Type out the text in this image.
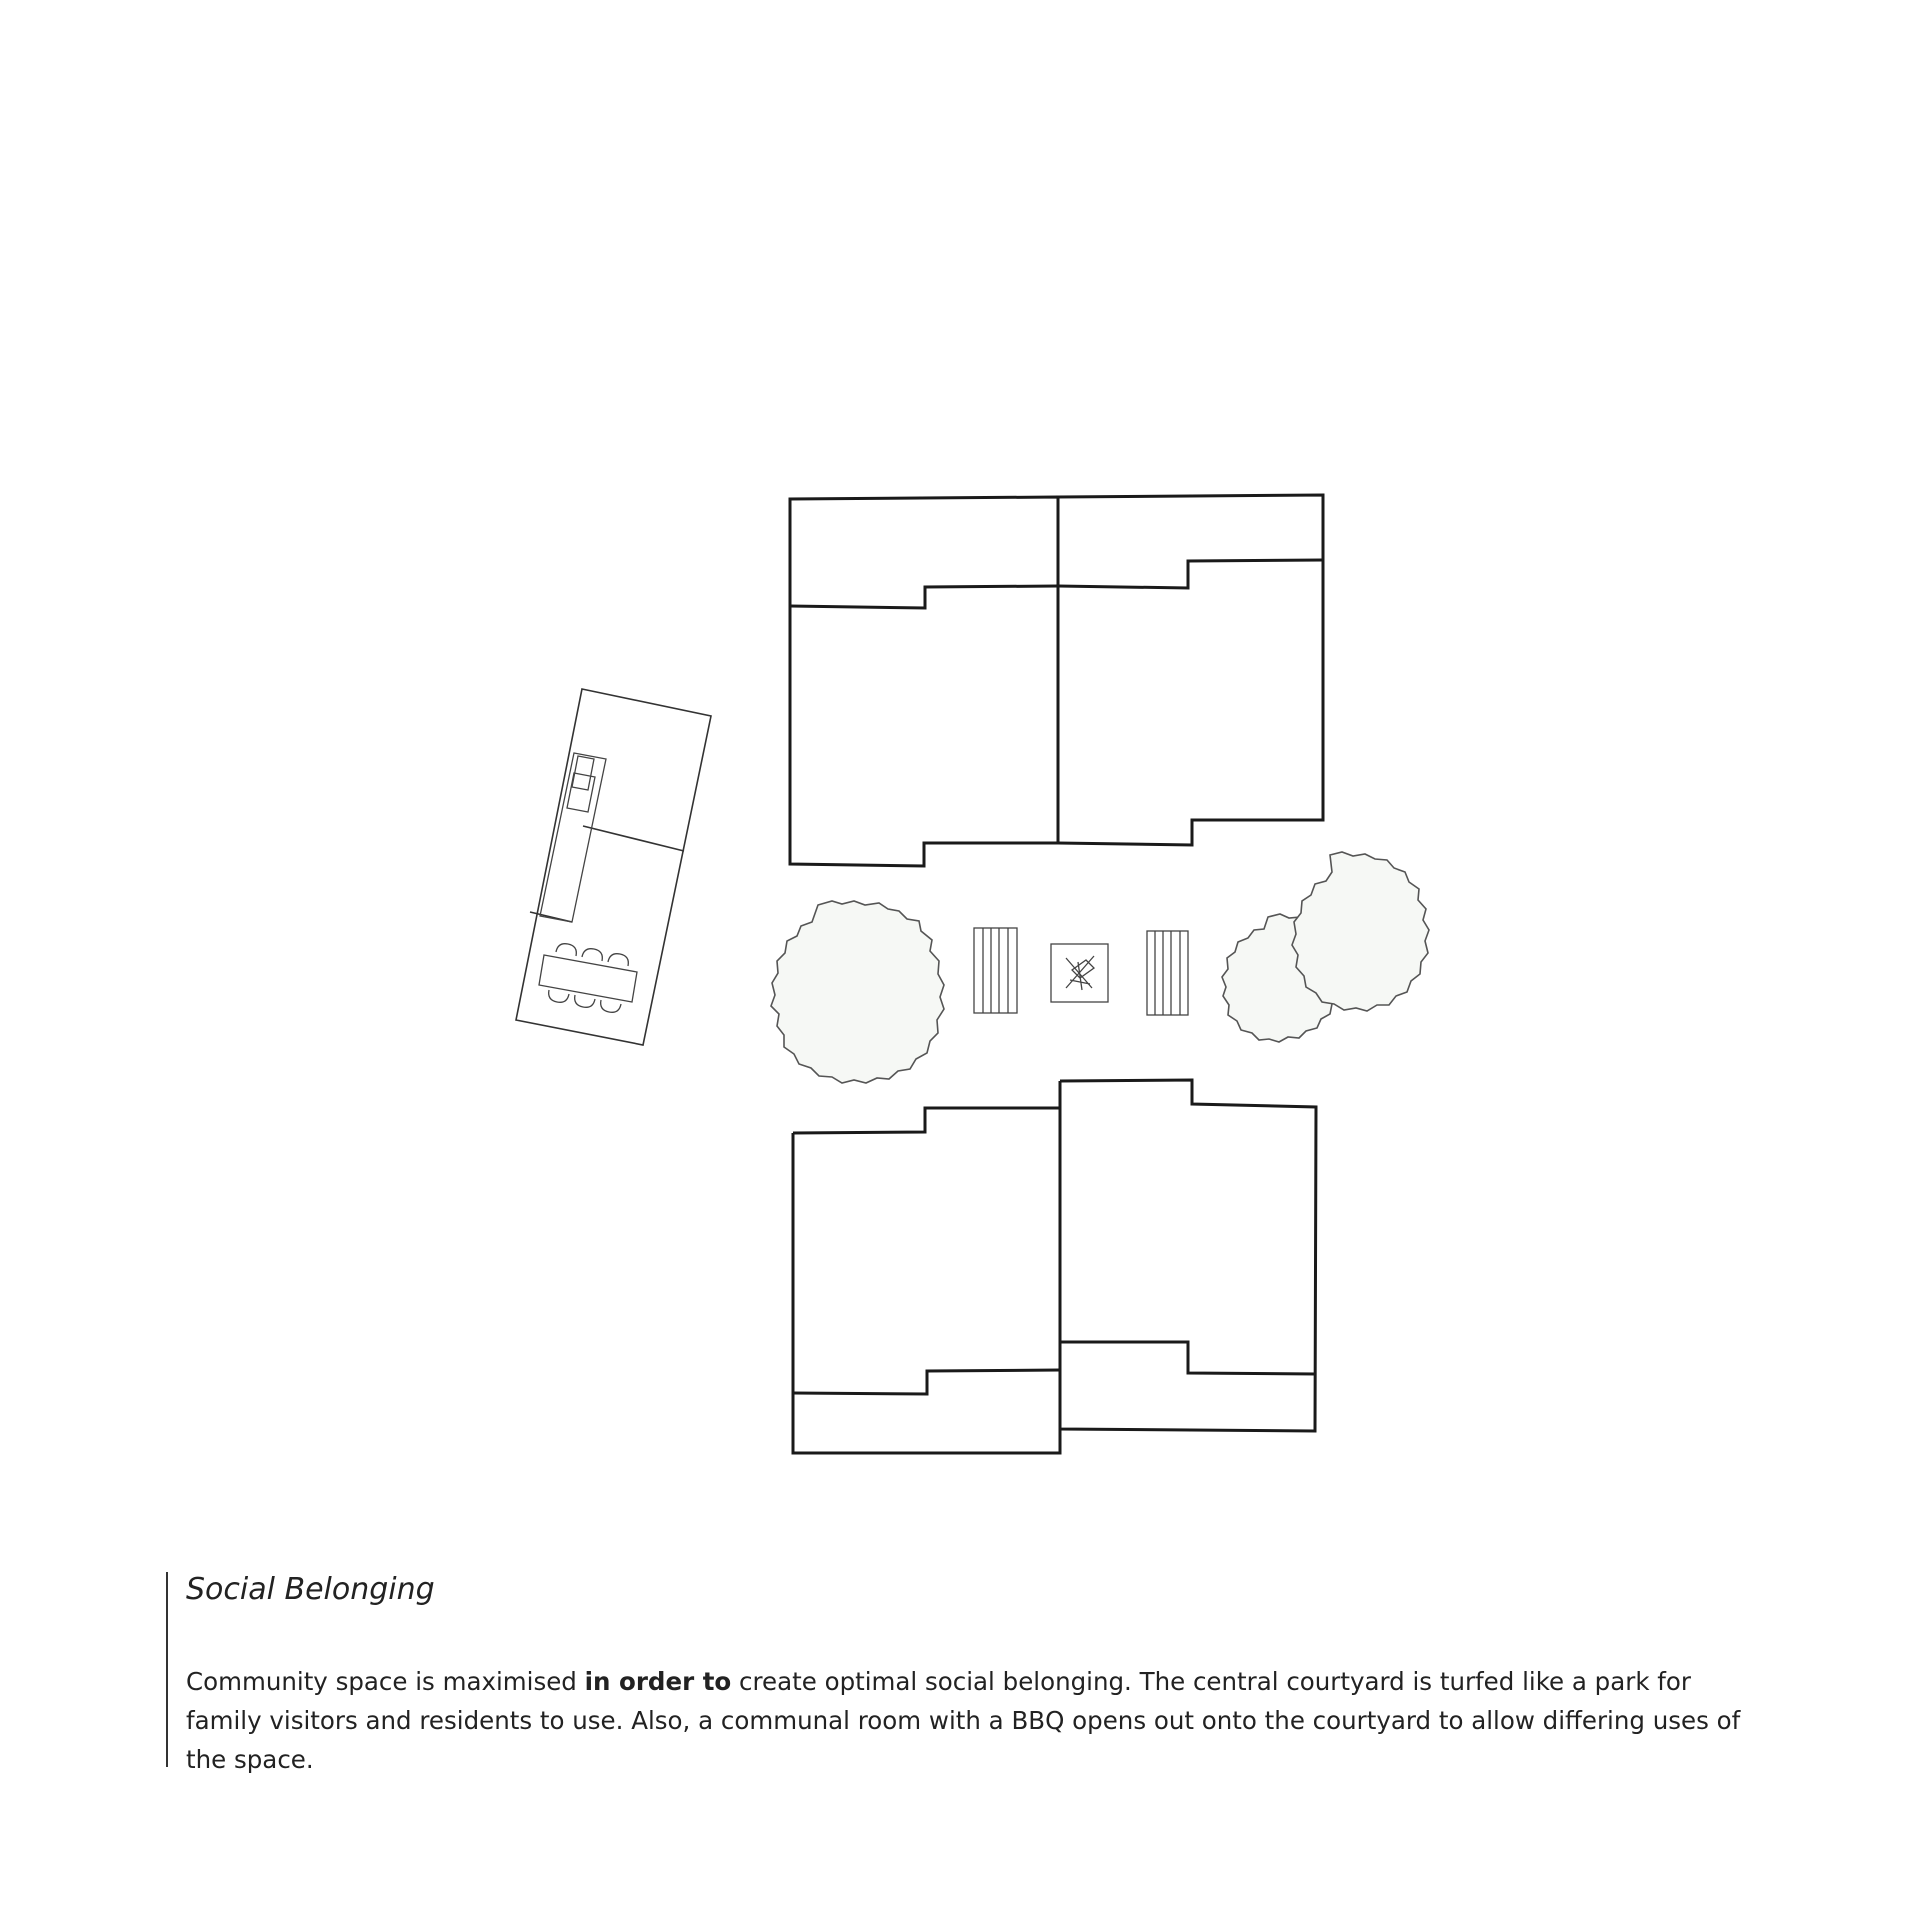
Social Belonging

Community space is maximised in order to create optimal social belonging. The central courtyard is turfed like a park for family visitors and residents to use. Also, a communal room with a BBQ opens out onto the courtyard to allow differing uses of the space.
